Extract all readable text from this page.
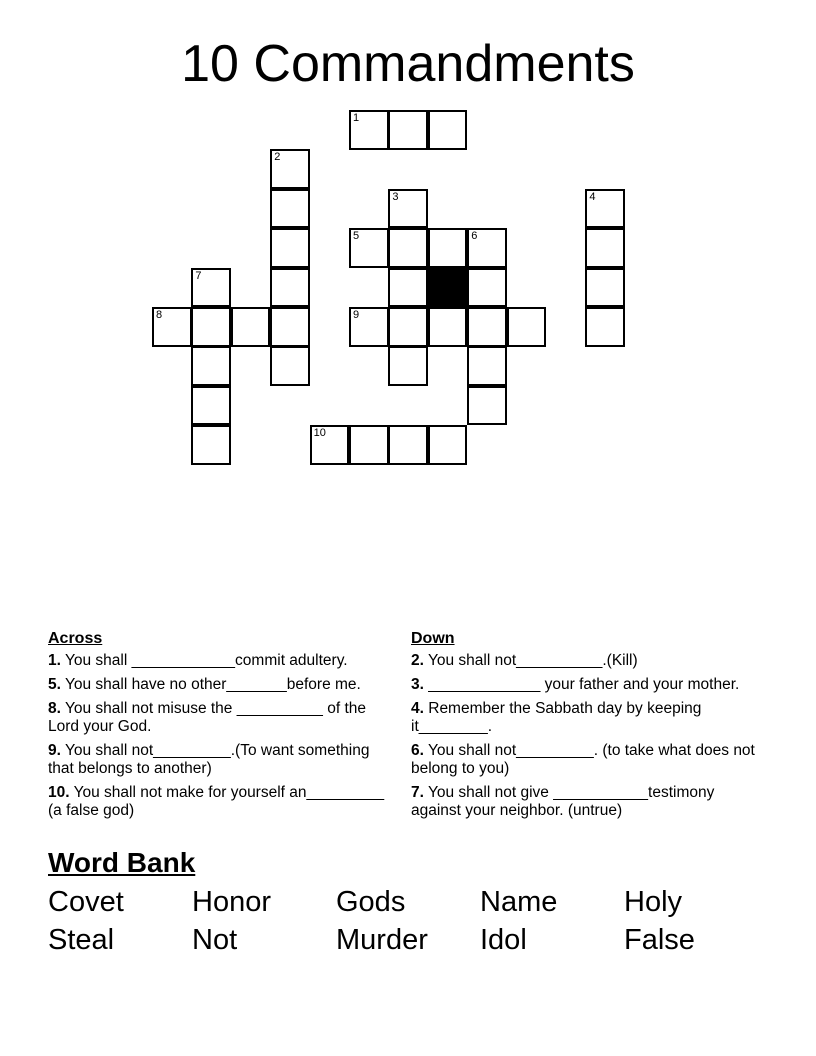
10 Commandments
1
2
3	4
5	6
7
8	9
10
Across
1. You shall ____________commit adultery.
5. You shall have no other_______before me.
8. You shall not misuse the __________ of the Lord your God.
9. You shall not_________.(To want something that belongs to another)
10. You shall not make for yourself an_________ (a false god)
Down
2. You shall not__________.(Kill)
3. _____________ your father and your mother.
4. Remember the Sabbath day by keeping it________.
6. You shall not_________. (to take what does not belong to you)
7. You shall not give ___________testimony against your neighbor. (untrue)
Word Bank
Covet	Honor	Gods	Name	Holy
Steal	Not	Murder	Idol	False
